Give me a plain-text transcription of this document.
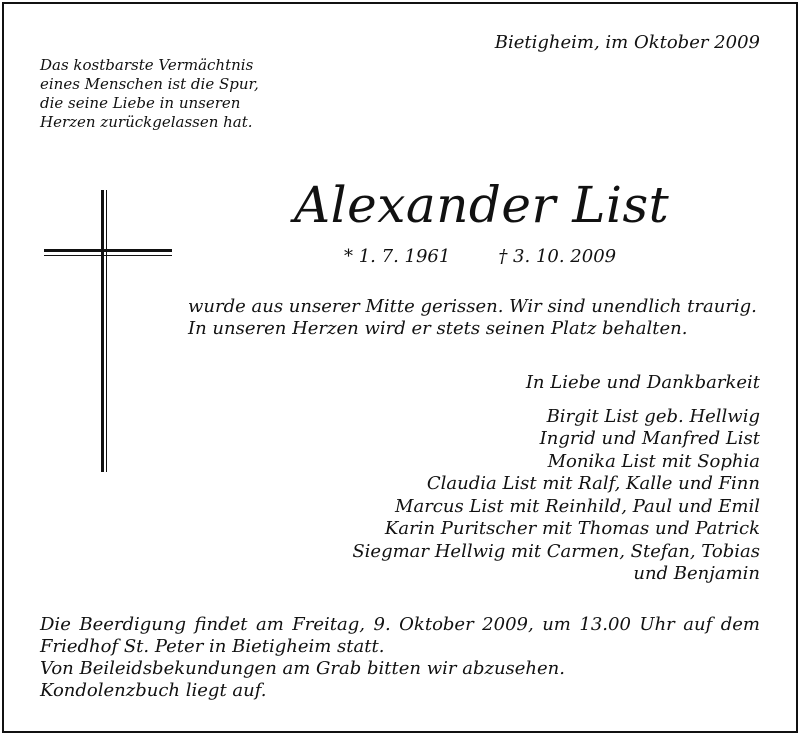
Bietigheim, im Oktober 2009
Das kostbarste Vermächtnis
eines Menschen ist die Spur,
die seine Liebe in unseren
Herzen zurückgelassen hat.
Alexander List
* 1. 7. 1961	† 3. 10. 2009
wurde aus unserer Mitte gerissen. Wir sind unendlich traurig.
In unseren Herzen wird er stets seinen Platz behalten.
In Liebe und Dankbarkeit
Birgit List geb. Hellwig
Ingrid und Manfred List
Monika List mit Sophia
Claudia List mit Ralf, Kalle und Finn
Marcus List mit Reinhild, Paul und Emil
Karin Puritscher mit Thomas und Patrick
Siegmar Hellwig mit Carmen, Stefan, Tobias
und Benjamin
Die Beerdigung findet am Freitag, 9. Oktober 2009, um 13.00 Uhr auf dem
Friedhof St. Peter in Bietigheim statt.
Von Beileidsbekundungen am Grab bitten wir abzusehen.
Kondolenzbuch liegt auf.
